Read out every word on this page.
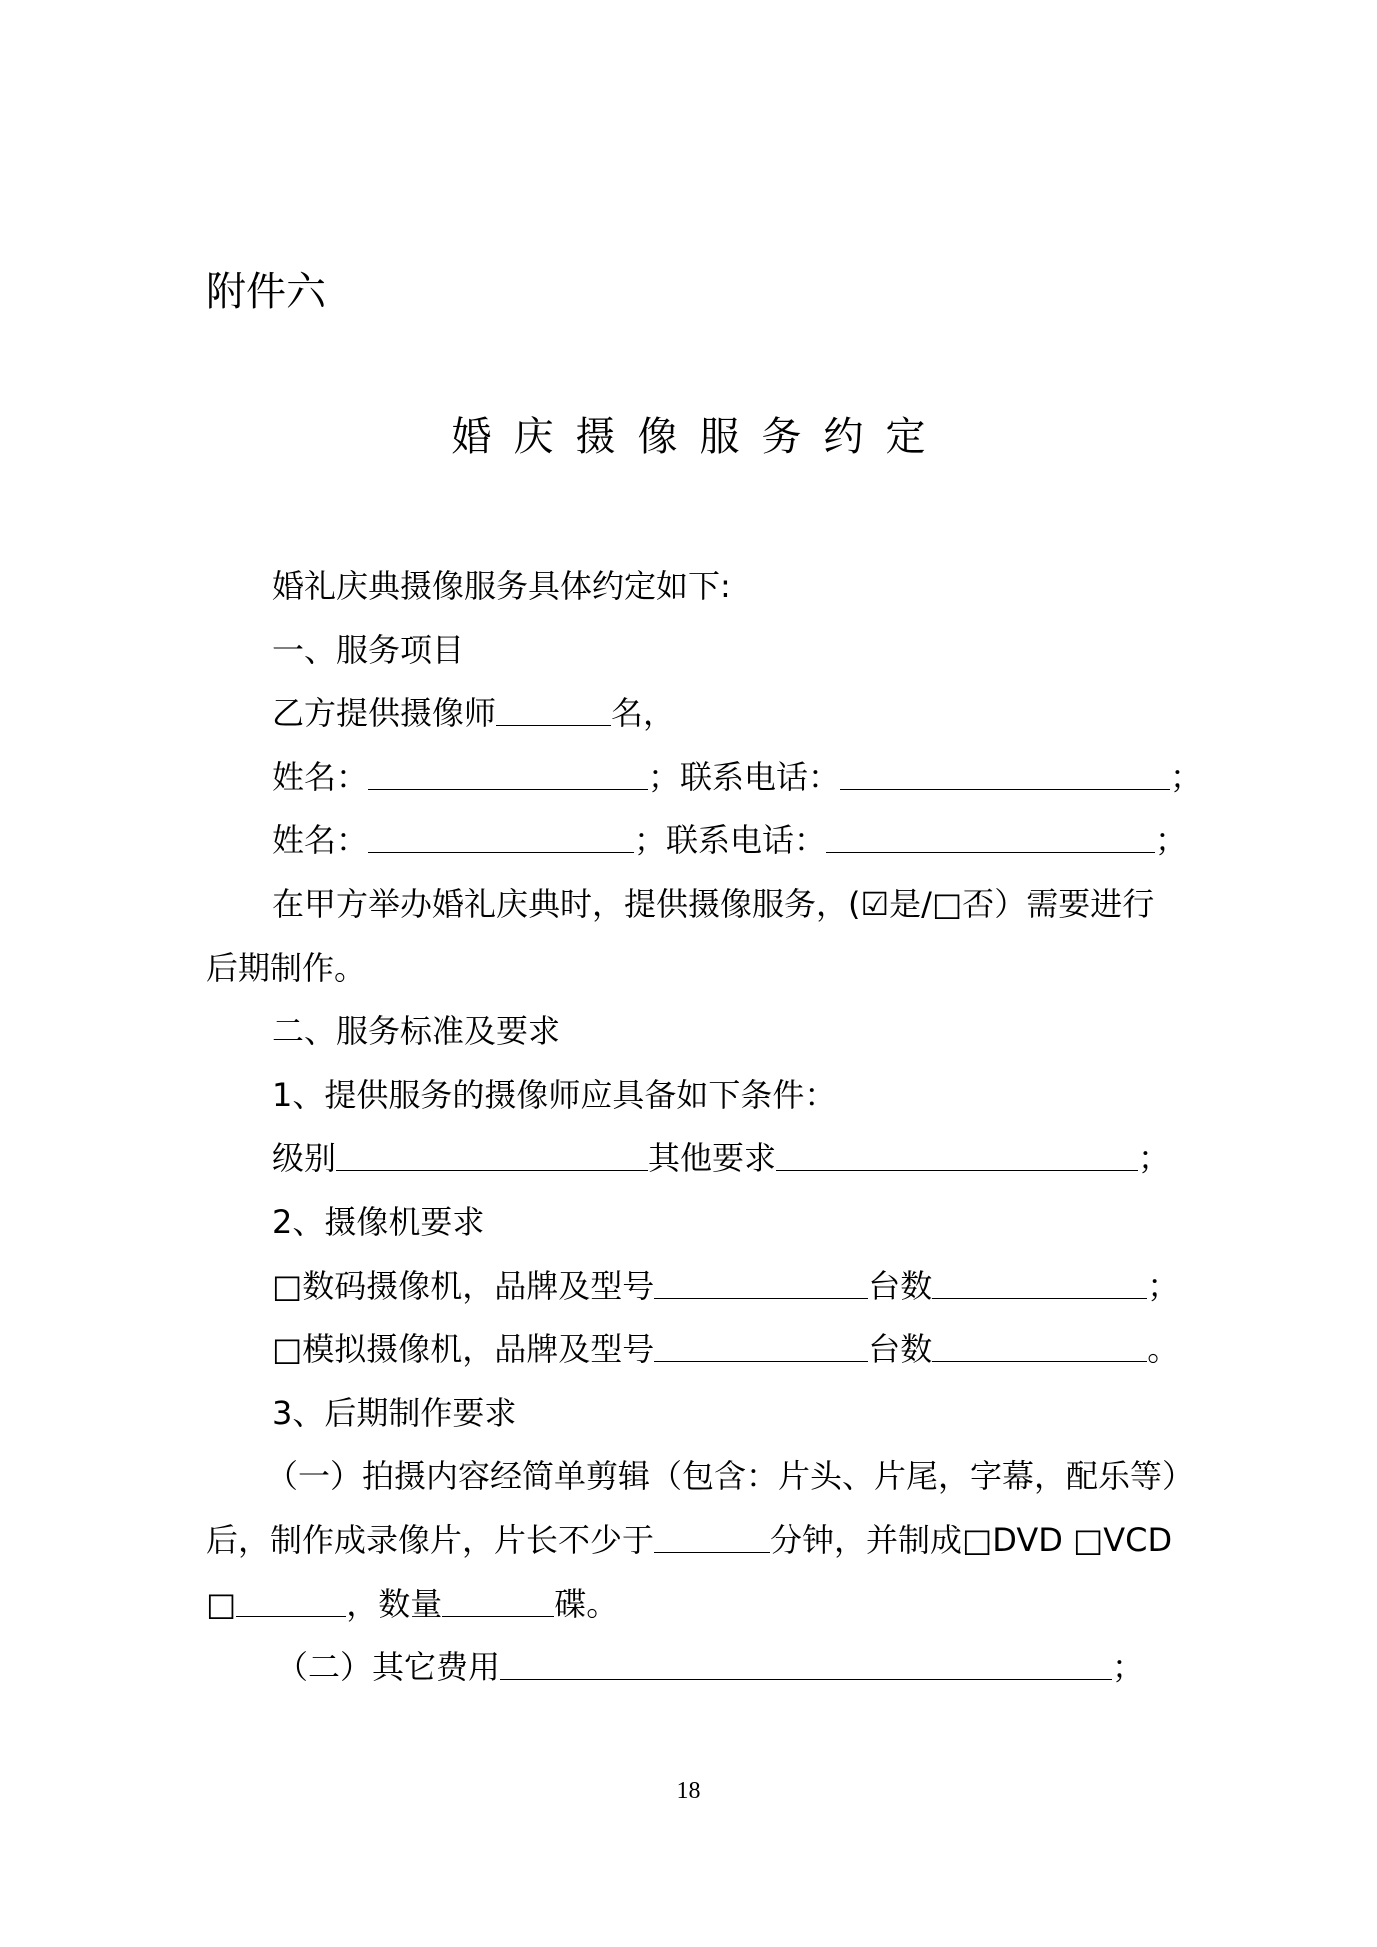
附件六
婚庆摄像服务约定
婚礼庆典摄像服务具体约定如下:
一、服务项目
乙方提供摄像师	名，
姓名：	；联系电话：	；
姓名：	；联系电话：	；
在甲方举办婚礼庆典时，提供摄像服务，(☑是/□否）需要进行
后期制作。
二、服务标准及要求
1、提供服务的摄像师应具备如下条件：
级别	其他要求	；
2、摄像机要求
□数码摄像机，品牌及型号	台数	；
□模拟摄像机，品牌及型号	台数	。
3、后期制作要求
（一）拍摄内容经简单剪辑（包含：片头、片尾，字幕，配乐等）
后，制作成录像片，片长不少于	分钟，并制成□DVD □VCD
□	，数量	碟。
（二）其它费用	；
18
